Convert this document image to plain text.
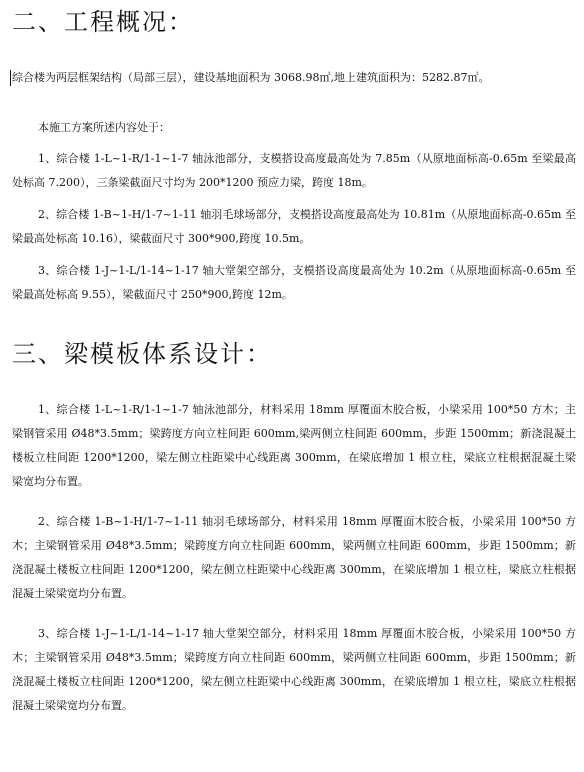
二、工程概况：

综合楼为两层框架结构（局部三层），建设基地面积为 3068.98㎡,地上建筑面积为：5282.87㎡。

本施工方案所述内容处于：

1、综合楼 1-L~1-R/1-1~1-7 轴泳池部分，支模搭设高度最高处为 7.85m（从原地面标高-0.65m 至梁最高处标高 7.200），三条梁截面尺寸均为 200*1200 预应力梁，跨度 18m。

2、综合楼 1-B~1-H/1-7~1-11 轴羽毛球场部分，支模搭设高度最高处为 10.81m（从原地面标高-0.65m 至梁最高处标高 10.16），梁截面尺寸 300*900,跨度 10.5m。

3、综合楼 1-J~1-L/1-14~1-17 轴大堂架空部分，支模搭设高度最高处为 10.2m（从原地面标高-0.65m 至梁最高处标高 9.55），梁截面尺寸 250*900,跨度 12m。

三、梁模板体系设计：

1、综合楼 1-L~1-R/1-1~1-7 轴泳池部分，材料采用 18mm 厚覆面木胶合板，小梁采用 100*50 方木；主梁钢管采用 Ø48*3.5mm；梁跨度方向立柱间距 600mm,梁两侧立柱间距 600mm，步距 1500mm；新浇混凝土楼板立柱间距 1200*1200，梁左侧立柱距梁中心线距离 300mm，在梁底增加 1 根立柱，梁底立柱根据混凝土梁梁宽均分布置。

2、综合楼 1-B~1-H/1-7~1-11 轴羽毛球场部分，材料采用 18mm 厚覆面木胶合板，小梁采用 100*50 方木；主梁钢管采用 Ø48*3.5mm；梁跨度方向立柱间距 600mm，梁两侧立柱间距 600mm，步距 1500mm；新浇混凝土楼板立柱间距 1200*1200，梁左侧立柱距梁中心线距离 300mm，在梁底增加 1 根立柱，梁底立柱根据混凝土梁梁宽均分布置。

3、综合楼 1-J~1-L/1-14~1-17 轴大堂架空部分，材料采用 18mm 厚覆面木胶合板，小梁采用 100*50 方木；主梁钢管采用 Ø48*3.5mm；梁跨度方向立柱间距 600mm，梁两侧立柱间距 600mm，步距 1500mm；新浇混凝土楼板立柱间距 1200*1200，梁左侧立柱距梁中心线距离 300mm，在梁底增加 1 根立柱，梁底立柱根据混凝土梁梁宽均分布置。
